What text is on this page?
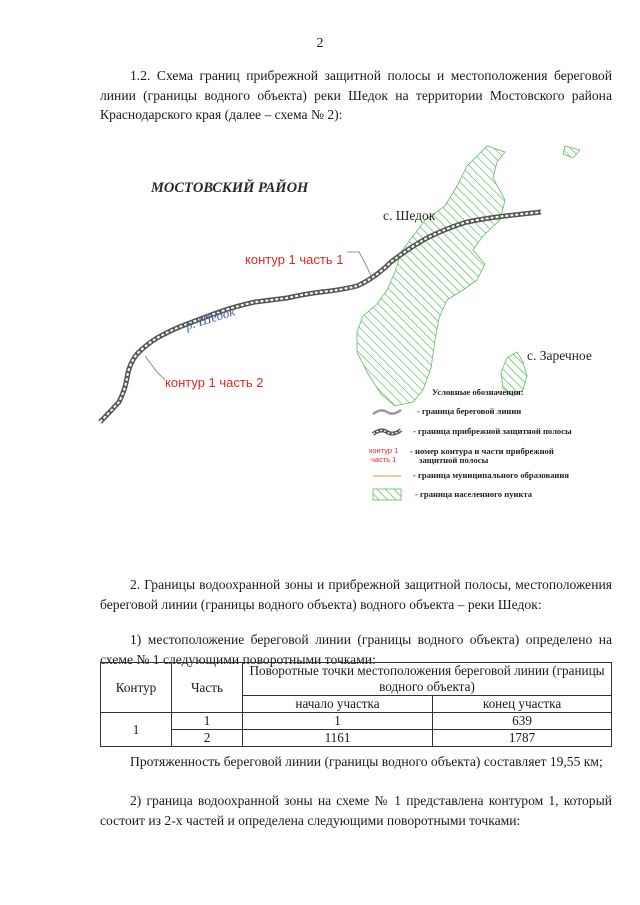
2

1.2. Схема границ прибрежной защитной полосы и местоположения береговой линии (границы водного объекта) реки Шедок на территории Мостовского района Краснодарского края (далее – схема № 2):

МОСТОВСКИЙ РАЙОН
с. Шедок
с. Заречное
р. Шедок
контур 1 часть 1
контур 1 часть 2
Условные обозначения:
- граница береговой линии
- граница прибрежной защитной полосы
контур 1
часть 1
- номер контура и части прибрежной
защитной полосы
- граница муниципального образования
- граница населенного пункта

2. Границы водоохранной зоны и прибрежной защитной полосы, местоположения береговой линии (границы водного объекта) водного объекта – реки Шедок:

1) местоположение береговой линии (границы водного объекта) определено на схеме № 1 следующими поворотными точками:

Контур	Часть	Поворотные точки местоположения береговой линии (границы водного объекта)	
		начало участка	конец участка
1	1	1	639
	2	1161	1787

Протяженность береговой линии (границы водного объекта) составляет 19,55 км;

2) граница водоохранной зоны на схеме № 1 представлена контуром 1, который состоит из 2-х частей и определена следующими поворотными точками:
